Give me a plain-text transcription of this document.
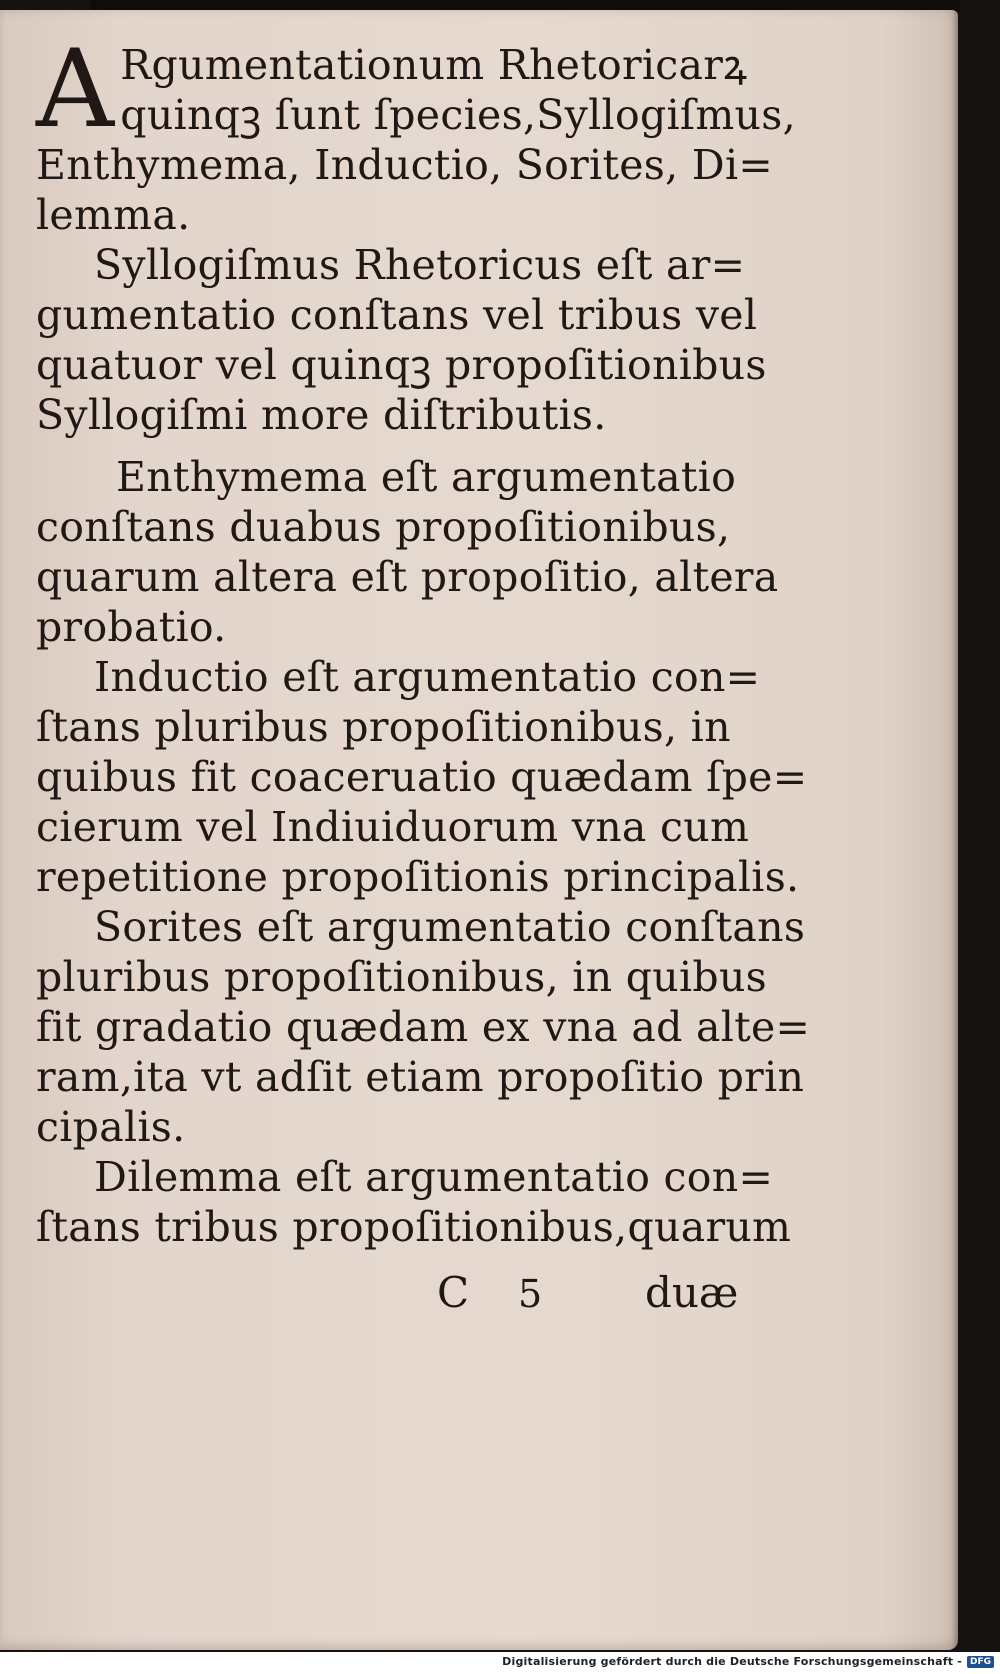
A Rgumentationum Rhetoricarꝝ
quinqꝫ ſunt ſpecies,Syllogiſmus,
Enthymema, Inductio, Sorites, Di=
lemma.
Syllogiſmus Rhetoricus eſt ar=
gumentatio conſtans vel tribus vel
quatuor vel quinqꝫ propoſitionibus
Syllogiſmi more diſtributis.
Enthymema eſt argumentatio
conſtans duabus propoſitionibus,
quarum altera eſt propoſitio, altera
probatio.
Inductio eſt argumentatio con=
ſtans pluribus propoſitionibus, in
quibus fit coaceruatio quædam ſpe=
cierum vel Indiuiduorum vna cum
repetitione propoſitionis principalis.
Sorites eſt argumentatio conſtans
pluribus propoſitionibus, in quibus
fit gradatio quædam ex vna ad alte=
ram,ita vt adſit etiam propoſitio prin
cipalis.
Dilemma eſt argumentatio con=
ſtans tribus propoſitionibus,quarum
C 5 duæ
Digitalisierung gefördert durch die Deutsche Forschungsgemeinschaft - DFG
